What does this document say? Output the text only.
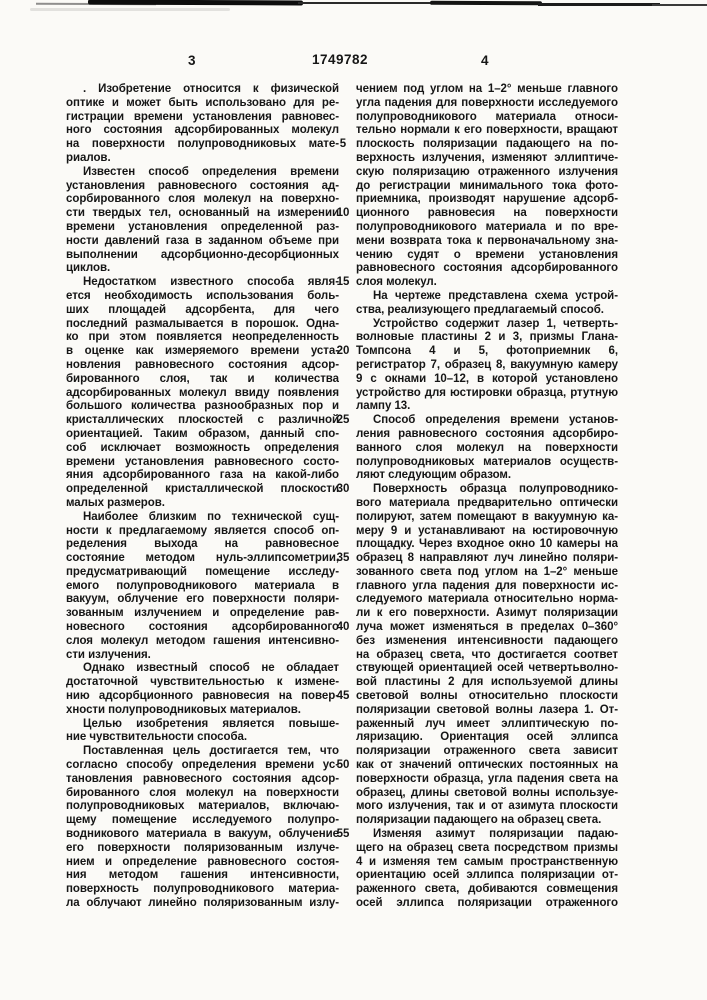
3	1749782	4
. Изобретение относится к физической
оптике и может быть использовано для ре-
гистрации времени установления равновес-
ного состояния адсорбированных молекул
на поверхности полупроводниковых мате-
риалов.
Известен способ определения времени
установления равновесного состояния ад-
сорбированного слоя молекул на поверхно-
сти твердых тел, основанный на измерении
времени установления определенной раз-
ности давлений газа в заданном объеме при
выполнении адсорбционно-десорбционных
циклов.
Недостатком известного способа явля-
ется необходимость использования боль-
ших площадей адсорбента, для чего
последний размалывается в порошок. Одна-
ко при этом появляется неопределенность
в оценке как измеряемого времени уста-
новления равновесного состояния адсор-
бированного слоя, так и количества
адсорбированных молекул ввиду появления
большого количества разнообразных пор и
кристаллических плоскостей с различной
ориентацией. Таким образом, данный спо-
соб исключает возможность определения
времени установления равновесного состо-
яния адсорбированного газа на какой-либо
определенной кристаллической плоскости
малых размеров.
Наиболее близким по технической сущ-
ности к предлагаемому является способ оп-
ределения выхода на равновесное
состояние методом нуль-эллипсометрии,
предусматривающий помещение исследу-
емого полупроводникового материала в
вакуум, облучение его поверхности поляри-
зованным излучением и определение рав-
новесного состояния адсорбированного
слоя молекул методом гашения интенсивно-
сти излучения.
Однако известный способ не обладает
достаточной чувствительностью к измене-
нию адсорбционного равновесия на повер-
хности полупроводниковых материалов.
Целью изобретения является повыше-
ние чувствительности способа.
Поставленная цель достигается тем, что
согласно способу определения времени ус-
тановления равновесного состояния адсор-
бированного слоя молекул на поверхности
полупроводниковых материалов, включаю-
щему помещение исследуемого полупро-
водникового материала в вакуум, облучение
его поверхности поляризованным излуче-
нием и определение равновесного состоя-
ния методом гашения интенсивности,
поверхность полупроводникового материа-
ла облучают линейно поляризованным излу-
5
10
15
20
25
30
35
40
45
50
55
чением под углом на 1–2° меньше главного
угла падения для поверхности исследуемого
полупроводникового материала относи-
тельно нормали к его поверхности, вращают
плоскость поляризации падающего на по-
верхность излучения, изменяют эллиптиче-
скую поляризацию отраженного излучения
до регистрации минимального тока фото-
приемника, производят нарушение адсорб-
ционного равновесия на поверхности
полупроводникового материала и по вре-
мени возврата тока к первоначальному зна-
чению судят о времени установления
равновесного состояния адсорбированного
слоя молекул.
На чертеже представлена схема устрой-
ства, реализующего предлагаемый способ.
Устройство содержит лазер 1, четверть-
волновые пластины 2 и 3, призмы Глана-
Томпсона 4 и 5, фотоприемник 6,
регистратор 7, образец 8, вакуумную камеру
9 с окнами 10–12, в которой установлено
устройство для юстировки образца, ртутную
лампу 13.
Способ определения времени установ-
ления равновесного состояния адсорбиро-
ванного слоя молекул на поверхности
полупроводниковых материалов осуществ-
ляют следующим образом.
Поверхность образца полупроводнико-
вого материала предварительно оптически
полируют, затем помещают в вакуумную ка-
меру 9 и устанавливают на юстировочную
площадку. Через входное окно 10 камеры на
образец 8 направляют луч линейно поляри-
зованного света под углом на 1–2° меньше
главного угла падения для поверхности ис-
следуемого материала относительно норма-
ли к его поверхности. Азимут поляризации
луча может изменяться в пределах 0–360°
без изменения интенсивности падающего
на образец света, что достигается соответ
ствующей ориентацией осей четвертьволно-
вой пластины 2 для используемой длины
световой волны относительно плоскости
поляризации световой волны лазера 1. От-
раженный луч имеет эллиптическую по-
ляризацию. Ориентация осей эллипса
поляризации отраженного света зависит
как от значений оптических постоянных на
поверхности образца, угла падения света на
образец, длины световой волны используе-
мого излучения, так и от азимута плоскости
поляризации падающего на образец света.
Изменяя азимут поляризации падаю-
щего на образец света посредством призмы
4 и изменяя тем самым пространственную
ориентацию осей эллипса поляризации от-
раженного света, добиваются совмещения
осей эллипса поляризации отраженного
